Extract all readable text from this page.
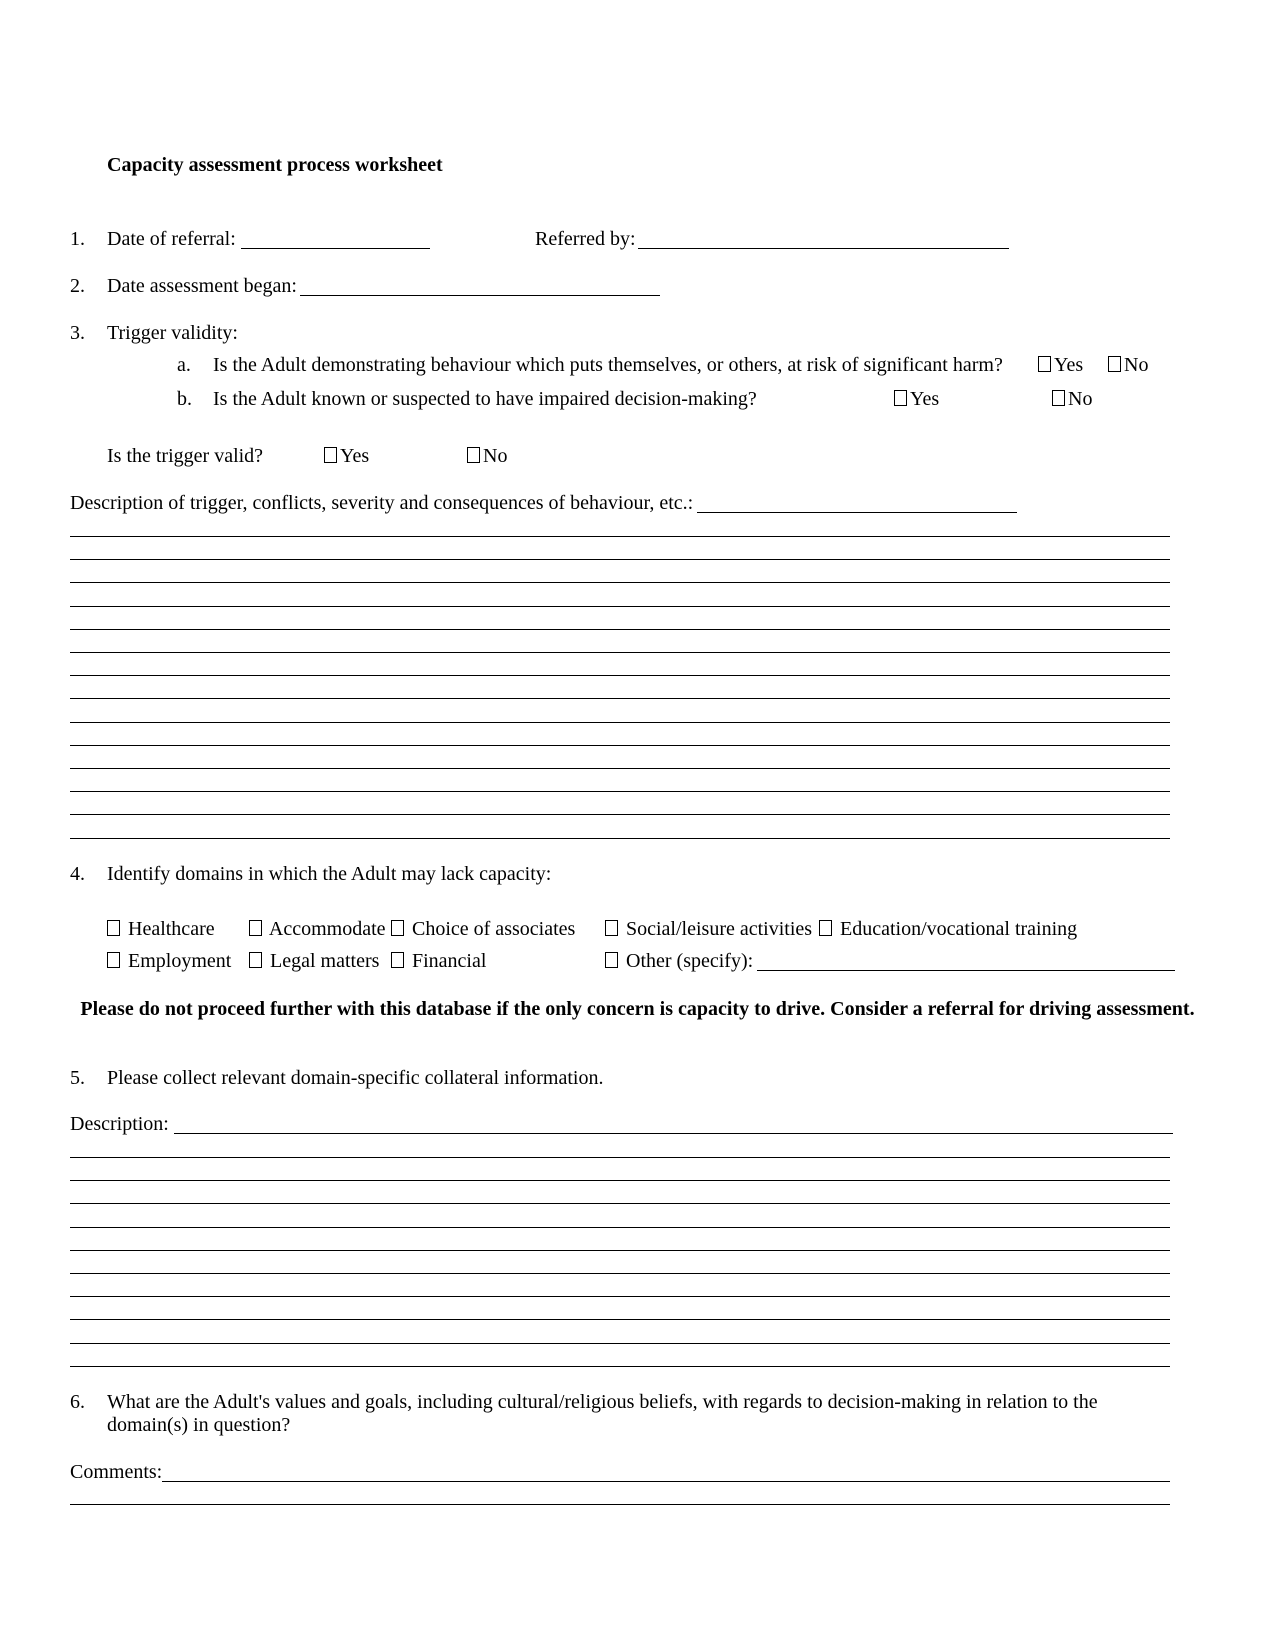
Capacity assessment process worksheet
1. Date of referral:	Referred by:
2. Date assessment began:
3. Trigger validity:
a. Is the Adult demonstrating behaviour which puts themselves, or others, at risk of significant harm?	Yes	No
b. Is the Adult known or suspected to have impaired decision-making?	Yes	No
Is the trigger valid?	Yes	No
Description of trigger, conflicts, severity and consequences of behaviour, etc.:
4. Identify domains in which the Adult may lack capacity:
Healthcare	Accommodate	Choice of associates	Social/leisure activities	Education/vocational training
Employment	Legal matters	Financial	Other (specify):
Please do not proceed further with this database if the only concern is capacity to drive. Consider a referral for driving assessment.
5. Please collect relevant domain-specific collateral information.
Description:
6. What are the Adult's values and goals, including cultural/religious beliefs, with regards to decision-making in relation to the
domain(s) in question?
Comments:
